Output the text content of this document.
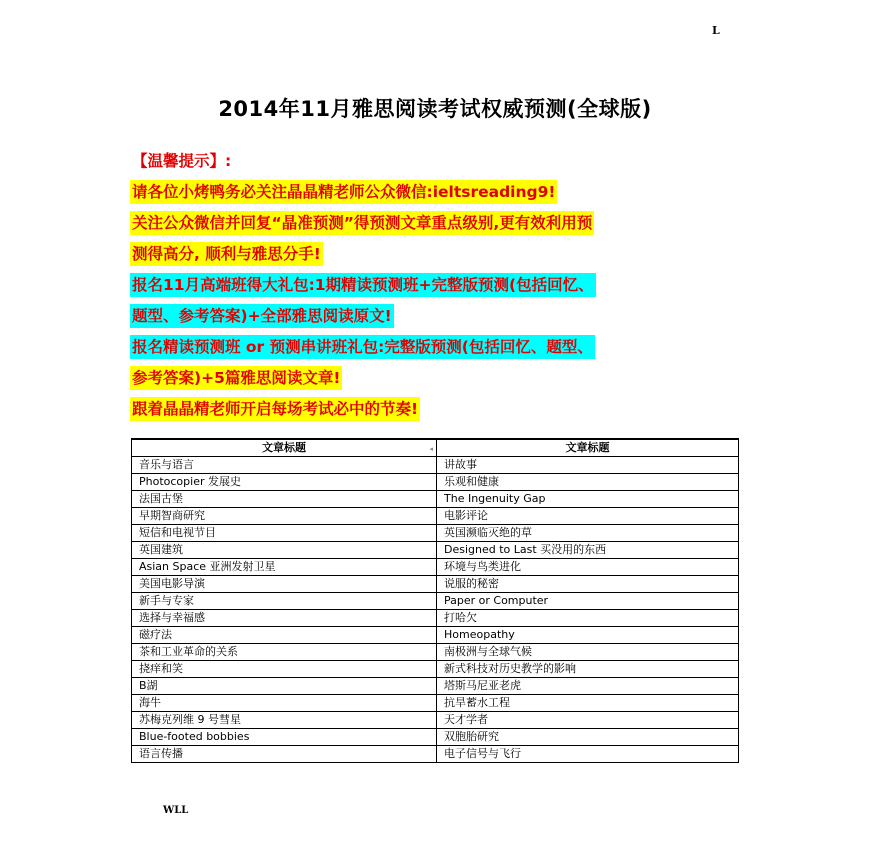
L
2014年11月雅思阅读考试权威预测(全球版)
【温馨提示】:
请各位小烤鸭务必关注晶晶精老师公众微信:ieltsreading9!
关注公众微信并回复“晶准预测”得预测文章重点级别,更有效利用预
测得高分, 顺利与雅思分手!
报名11月高端班得大礼包:1期精读预测班+完整版预测(包括回忆、
题型、参考答案)+全部雅思阅读原文!
报名精读预测班 or 预测串讲班礼包:完整版预测(包括回忆、题型、
参考答案)+5篇雅思阅读文章!
跟着晶晶精老师开启每场考试必中的节奏!
文章标题 ◂	文章标题
音乐与语言	讲故事
Photocopier 发展史	乐观和健康
法国古堡	The Ingenuity Gap
早期智商研究	电影评论
短信和电视节目	英国濒临灭绝的草
英国建筑	Designed to Last 买没用的东西
Asian Space 亚洲发射卫星	环境与鸟类进化
美国电影导演	说服的秘密
新手与专家	Paper or Computer
选择与幸福感	打哈欠
磁疗法	Homeopathy
茶和工业革命的关系	南极洲与全球气候
挠痒和笑	新式科技对历史教学的影响
B湖	塔斯马尼亚老虎
海牛	抗旱蓄水工程
苏梅克列维 9 号彗星	天才学者
Blue-footed bobbies	双胞胎研究
语言传播	电子信号与飞行
WLL
